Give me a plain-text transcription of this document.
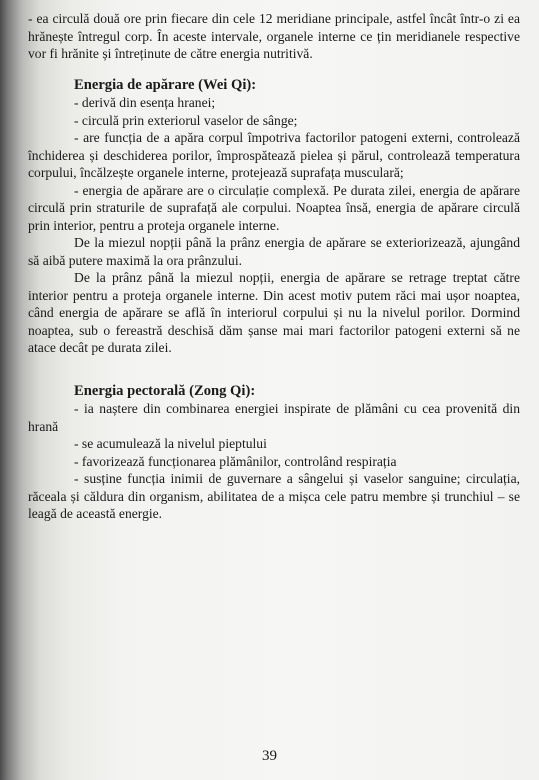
- ea circulă două ore prin fiecare din cele 12 meridiane principale, astfel încât într-o zi ea hrănește întregul corp. În aceste intervale, organele interne ce țin meridianele respective vor fi hrănite și întreținute de către energia nutritivă.

Energia de apărare (Wei Qi):

- derivă din esența hranei;

- circulă prin exteriorul vaselor de sânge;

- are funcția de a apăra corpul împotriva factorilor patogeni externi, controlează închiderea și deschiderea porilor, împrospătează pielea și părul, controlează temperatura corpului, încălzește organele interne, protejează suprafața musculară;

- energia de apărare are o circulație complexă. Pe durata zilei, energia de apărare circulă prin straturile de suprafață ale corpului. Noaptea însă, energia de apărare circulă prin interior, pentru a proteja organele interne.

De la miezul nopții până la prânz energia de apărare se exteriorizează, ajungând să aibă putere maximă la ora prânzului.

De la prânz până la miezul nopții, energia de apărare se retrage treptat către interior pentru a proteja organele interne. Din acest motiv putem răci mai ușor noaptea, când energia de apărare se află în interiorul corpului și nu la nivelul porilor. Dormind noaptea, sub o fereastră deschisă dăm șanse mai mari factorilor patogeni externi să ne atace decât pe durata zilei.

Energia pectorală (Zong Qi):

- ia naștere din combinarea energiei inspirate de plămâni cu cea provenită din hrană

- se acumulează la nivelul pieptului

- favorizează funcționarea plămânilor, controlând respirația

- susține funcția inimii de guvernare a sângelui și vaselor sanguine; circulația, răceala și căldura din organism, abilitatea de a mișca cele patru membre și trunchiul – se leagă de această energie.

39
